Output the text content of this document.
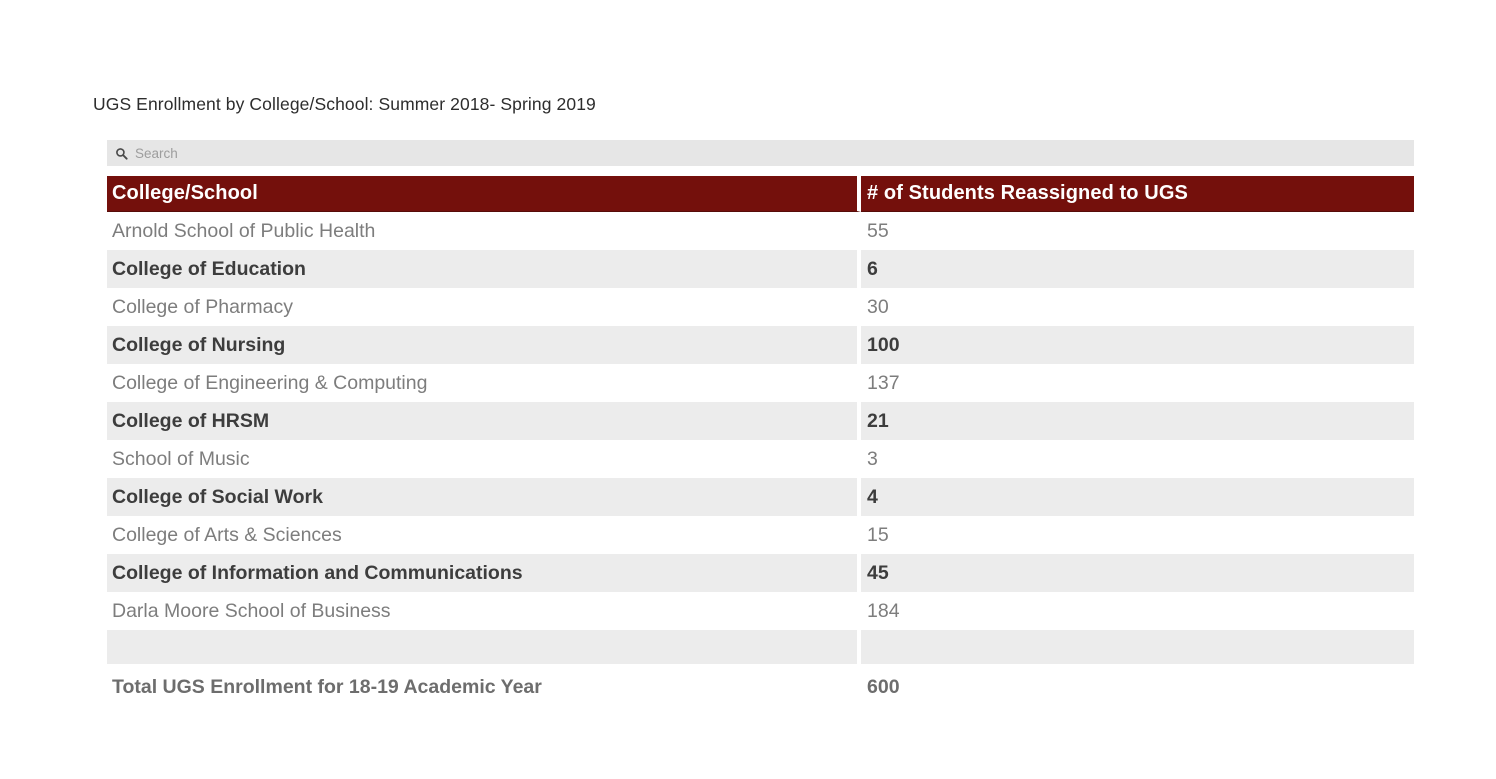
UGS Enrollment by College/School: Summer 2018- Spring 2019
Search
College/School	# of Students Reassigned to UGS
Arnold School of Public Health	55
College of Education	6
College of Pharmacy	30
College of Nursing	100
College of Engineering & Computing	137
College of HRSM	21
School of Music	3
College of Social Work	4
College of Arts & Sciences	15
College of Information and Communications	45
Darla Moore School of Business	184

Total UGS Enrollment for 18-19 Academic Year	600
